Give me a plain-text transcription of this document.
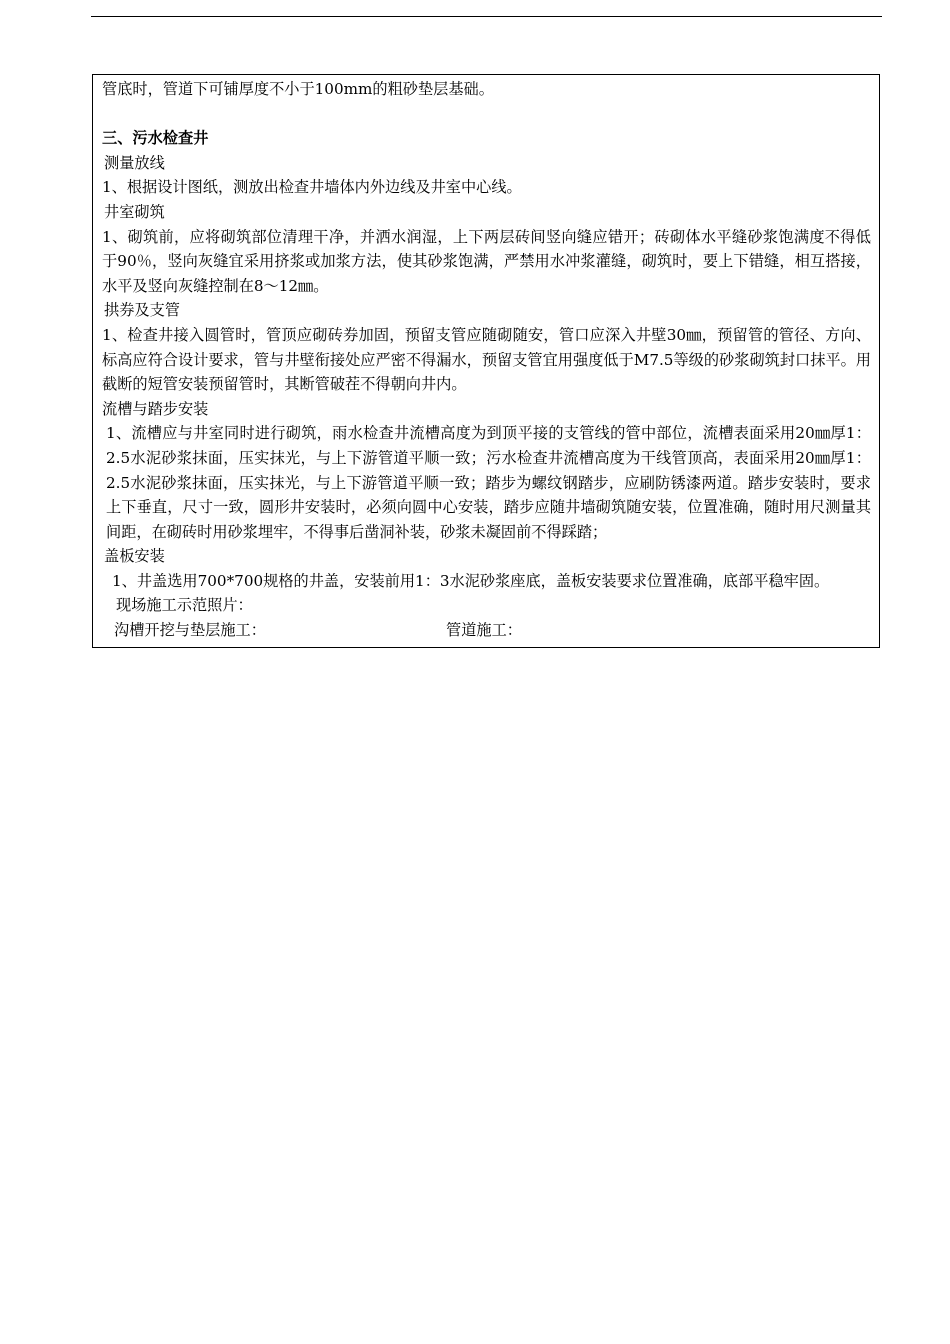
管底时，管道下可铺厚度不小于100mm的粗砂垫层基础。

三、污水检查井

测量放线

1、根据设计图纸，测放出检查井墙体内外边线及井室中心线。

井室砌筑

1、砌筑前，应将砌筑部位清理干净，并洒水润湿，上下两层砖间竖向缝应错开；砖砌体水平缝砂浆饱满度不得低于90％，竖向灰缝宜采用挤浆或加浆方法，使其砂浆饱满，严禁用水冲浆灌缝，砌筑时，要上下错缝，相互搭接，水平及竖向灰缝控制在8～12㎜。

拱券及支管

1、检查井接入圆管时，管顶应砌砖券加固，预留支管应随砌随安，管口应深入井壁30㎜，预留管的管径、方向、标高应符合设计要求，管与井壁衔接处应严密不得漏水，预留支管宜用强度低于M7.5等级的砂浆砌筑封口抹平。用截断的短管安装预留管时，其断管破茬不得朝向井内。

流槽与踏步安装

1、流槽应与井室同时进行砌筑，雨水检查井流槽高度为到顶平接的支管线的管中部位，流槽表面采用20㎜厚1：2.5水泥砂浆抹面，压实抹光，与上下游管道平顺一致；污水检查井流槽高度为干线管顶高，表面采用20㎜厚1：2.5水泥砂浆抹面，压实抹光，与上下游管道平顺一致；踏步为螺纹钢踏步，应刷防锈漆两道。踏步安装时，要求上下垂直，尺寸一致，圆形井安装时，必须向圆中心安装，踏步应随井墙砌筑随安装，位置准确，随时用尺测量其间距，在砌砖时用砂浆埋牢，不得事后凿洞补装，砂浆未凝固前不得踩踏；

盖板安装

1、井盖选用700*700规格的井盖，安装前用1：3水泥砂浆座底，盖板安装要求位置准确，底部平稳牢固。

现场施工示范照片：

沟槽开挖与垫层施工：	管道施工：
